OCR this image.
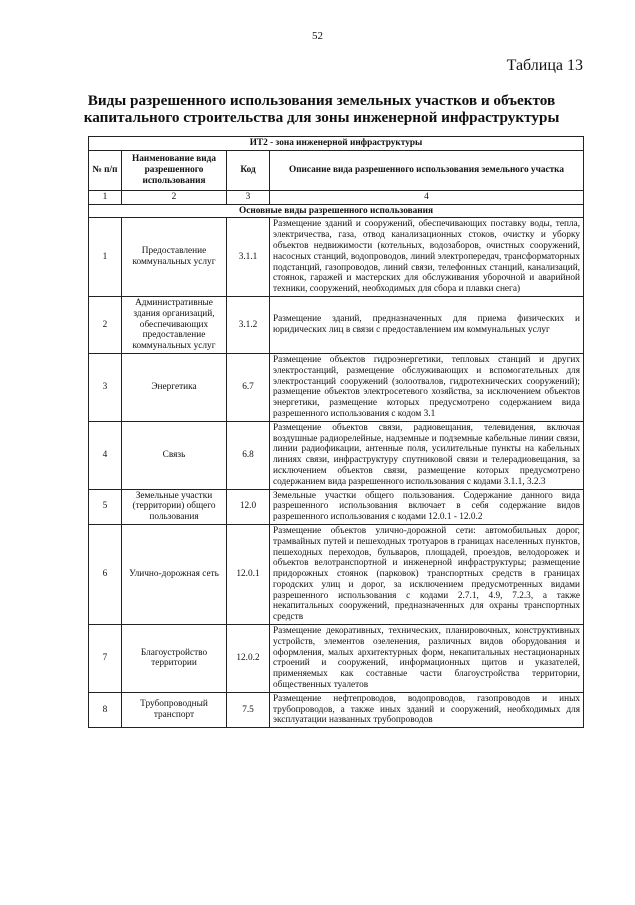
52
Таблица 13
Виды разрешенного использования земельных участков и объектов
капитального строительства для зоны инженерной инфраструктуры
ИТ2 - зона инженерной инфраструктуры			
№ п/п	Наименование вида разрешенного использования	Код	Описание вида разрешенного использования земельного участка
1	2	3	4
Основные виды разрешенного использования			
1	Предоставление коммунальных услуг	3.1.1	Размещение зданий и сооружений, обеспечивающих поставку воды, тепла, электричества, газа, отвод канализационных стоков, очистку и уборку объектов недвижимости (котельных, водозаборов, очистных сооружений, насосных станций, водопроводов, линий электропередач, трансформаторных подстанций, газопроводов, линий связи, телефонных станций, канализаций, стоянок, гаражей и мастерских для обслуживания уборочной и аварийной техники, сооружений, необходимых для сбора и плавки снега)
2	Административные здания организаций, обеспечивающих предоставление коммунальных услуг	3.1.2	Размещение зданий, предназначенных для приема физических и юридических лиц в связи с предоставлением им коммунальных услуг
3	Энергетика	6.7	Размещение объектов гидроэнергетики, тепловых станций и других электростанций, размещение обслуживающих и вспомогательных для электростанций сооружений (золоотвалов, гидротехнических сооружений); размещение объектов электросетевого хозяйства, за исключением объектов энергетики, размещение которых предусмотрено содержанием вида разрешенного использования с кодом 3.1
4	Связь	6.8	Размещение объектов связи, радиовещания, телевидения, включая воздушные радиорелейные, надземные и подземные кабельные линии связи, линии радиофикации, антенные поля, усилительные пункты на кабельных линиях связи, инфраструктуру спутниковой связи и телерадиовещания, за исключением объектов связи, размещение которых предусмотрено содержанием вида разрешенного использования с кодами 3.1.1, 3.2.3
5	Земельные участки (территории) общего пользования	12.0	Земельные участки общего пользования. Содержание данного вида разрешенного использования включает в себя содержание видов разрешенного использования с кодами 12.0.1 - 12.0.2
6	Улично-дорожная сеть	12.0.1	Размещение объектов улично-дорожной сети: автомобильных дорог, трамвайных путей и пешеходных тротуаров в границах населенных пунктов, пешеходных переходов, бульваров, площадей, проездов, велодорожек и объектов велотранспортной и инженерной инфраструктуры; размещение придорожных стоянок (парковок) транспортных средств в границах городских улиц и дорог, за исключением предусмотренных видами разрешенного использования с кодами 2.7.1, 4.9, 7.2.3, а также некапитальных сооружений, предназначенных для охраны транспортных средств
7	Благоустройство территории	12.0.2	Размещение декоративных, технических, планировочных, конструктивных устройств, элементов озеленения, различных видов оборудования и оформления, малых архитектурных форм, некапитальных нестационарных строений и сооружений, информационных щитов и указателей, применяемых как составные части благоустройства территории, общественных туалетов
8	Трубопроводный транспорт	7.5	Размещение нефтепроводов, водопроводов, газопроводов и иных трубопроводов, а также иных зданий и сооружений, необходимых для эксплуатации названных трубопроводов
